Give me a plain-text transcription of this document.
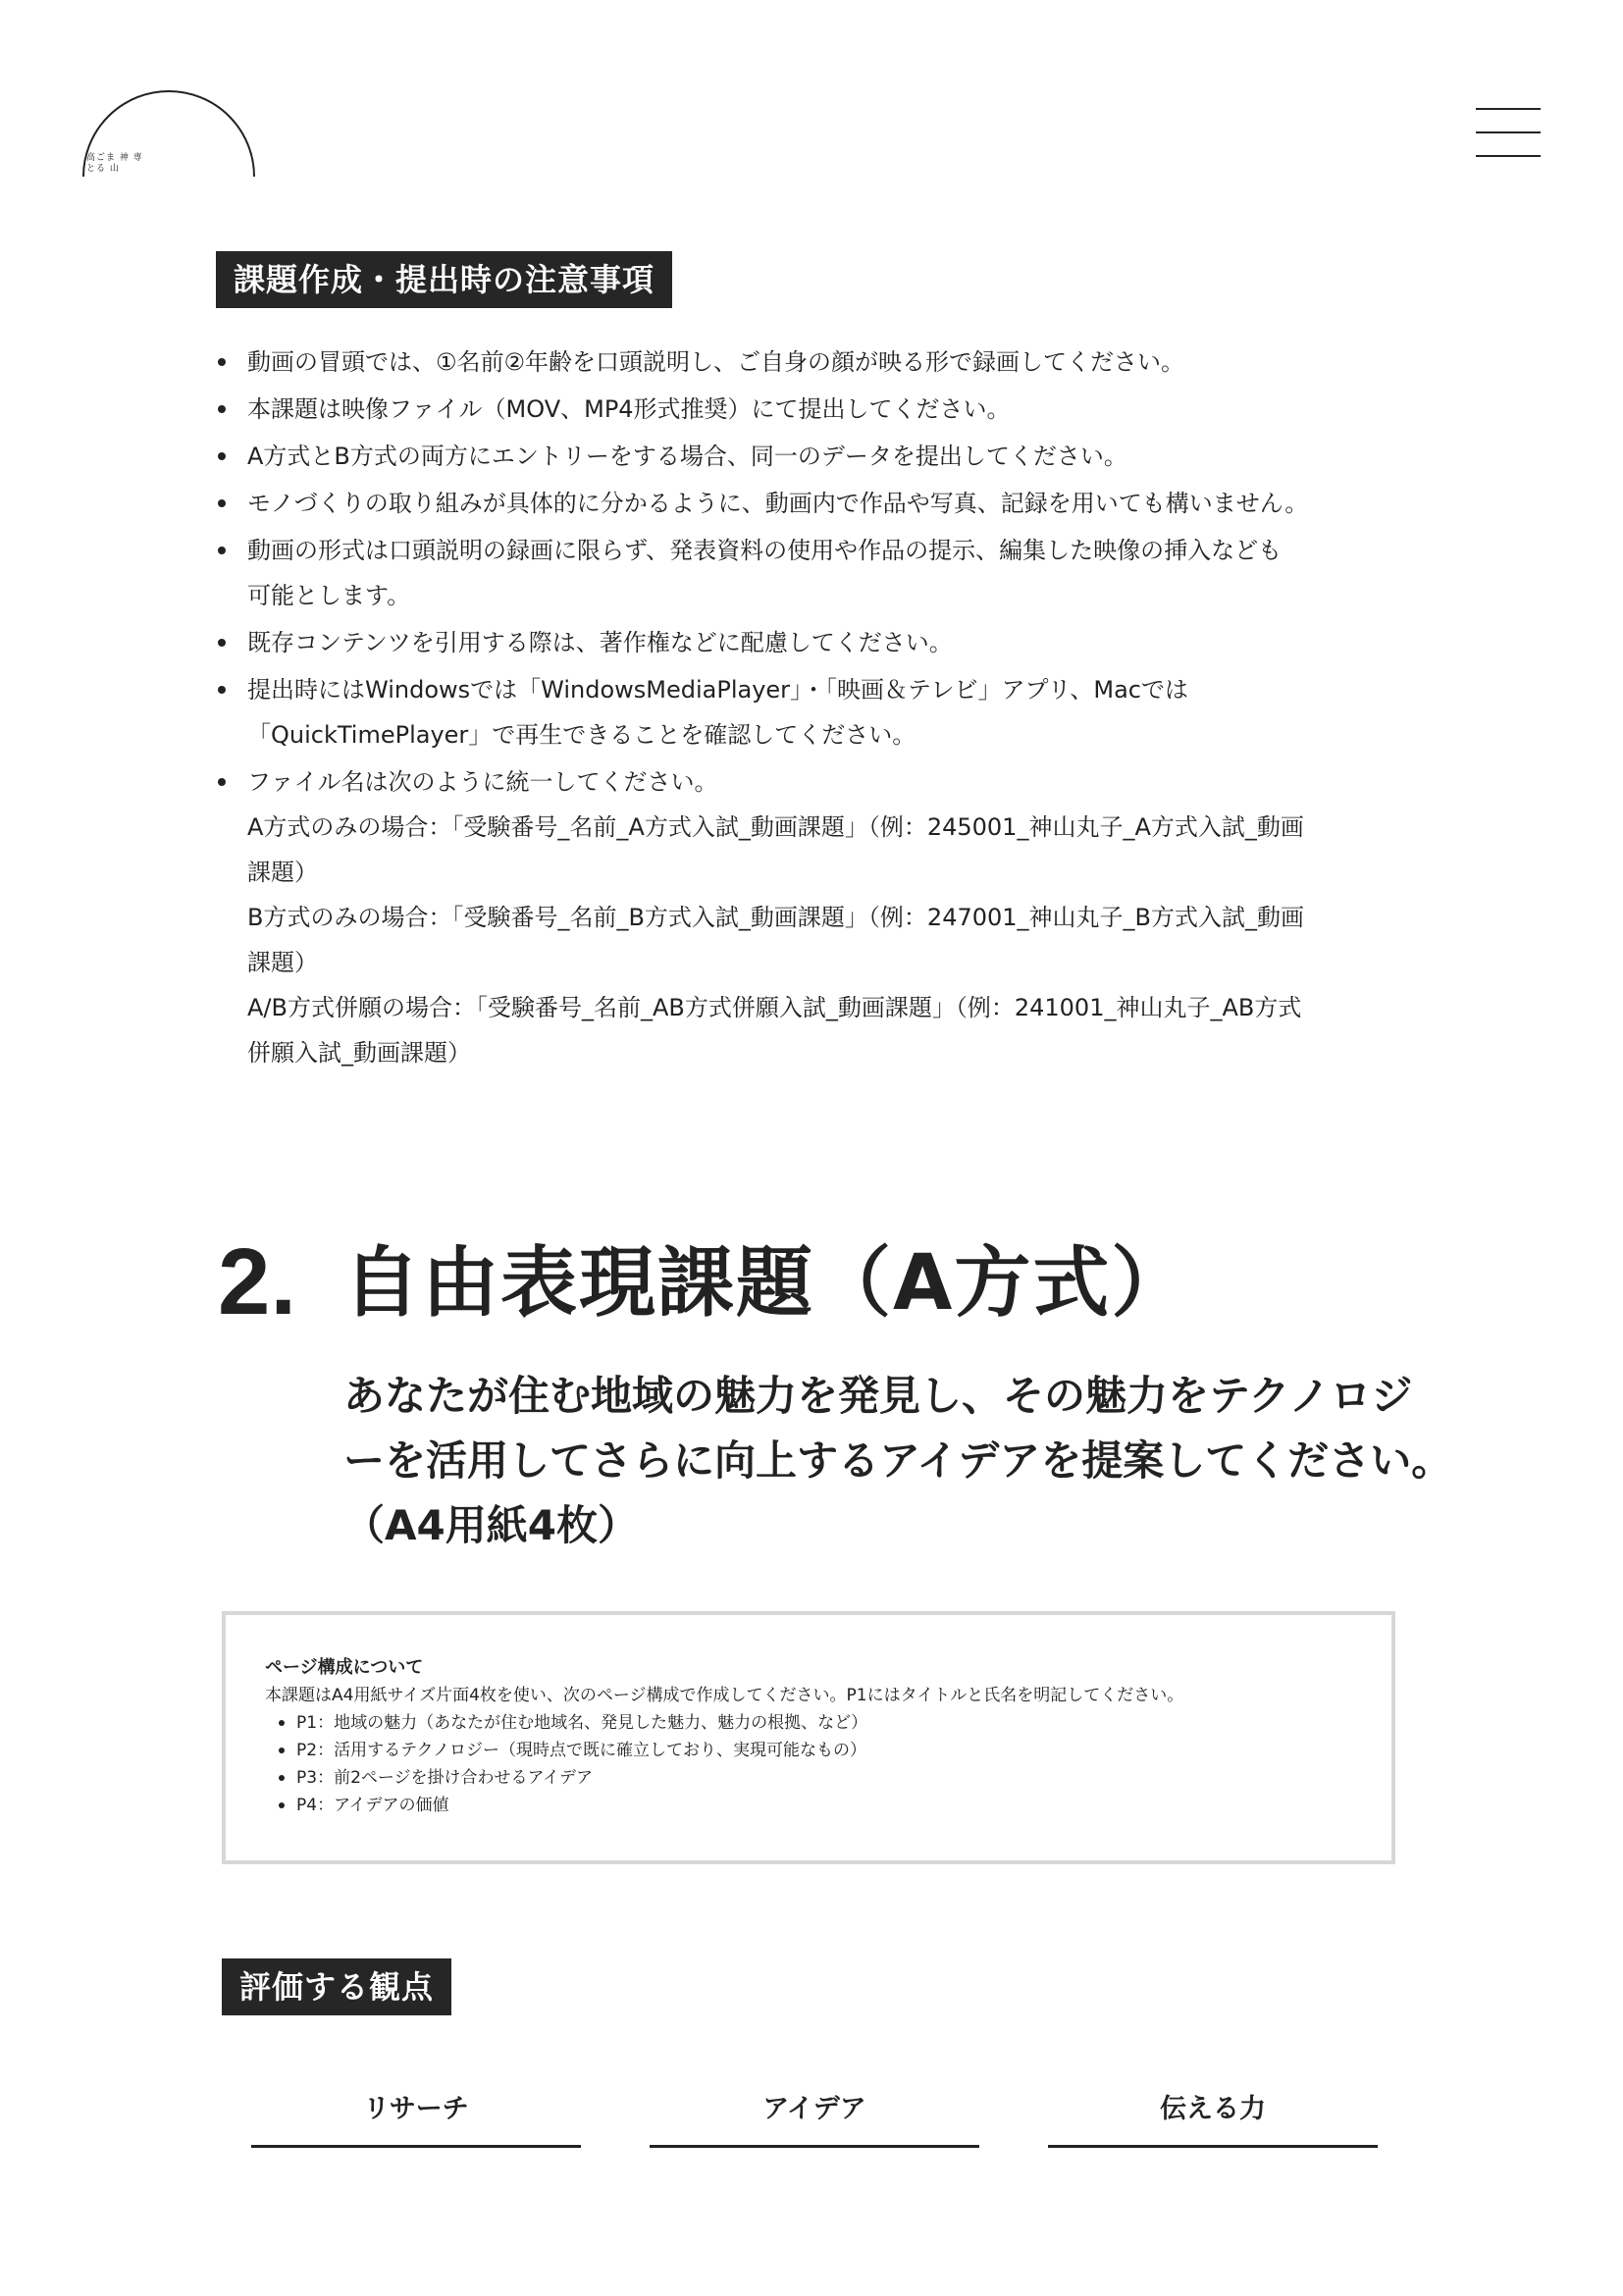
高ごま 神 専とる 山
課題作成・提出時の注意事項
動画の冒頭では、①名前②年齢を口頭説明し、ご自身の顔が映る形で録画してください。
本課題は映像ファイル（MOV、MP4形式推奨）にて提出してください。
A方式とB方式の両方にエントリーをする場合、同一のデータを提出してください。
モノづくりの取り組みが具体的に分かるように、動画内で作品や写真、記録を用いても構いません。
動画の形式は口頭説明の録画に限らず、発表資料の使用や作品の提示、編集した映像の挿入なども
可能とします。
既存コンテンツを引用する際は、著作権などに配慮してください。
提出時にはWindowsでは「WindowsMediaPlayer」・「映画＆テレビ」アプリ、Macでは
「QuickTimePlayer」で再生できることを確認してください。
ファイル名は次のように統一してください。
A方式のみの場合：「受験番号_名前_A方式入試_動画課題」（例：245001_神山丸子_A方式入試_動画
課題）
B方式のみの場合：「受験番号_名前_B方式入試_動画課題」（例：247001_神山丸子_B方式入試_動画
課題）
A/B方式併願の場合：「受験番号_名前_AB方式併願入試_動画課題」（例：241001_神山丸子_AB方式
併願入試_動画課題）
2. 自由表現課題（A方式）
あなたが住む地域の魅力を発見し、その魅力をテクノロジ
ーを活用してさらに向上するアイデアを提案してください。
（A4用紙4枚）
ページ構成について
本課題はA4用紙サイズ片面4枚を使い、次のページ構成で作成してください。P1にはタイトルと氏名を明記してください。
P1：地域の魅力（あなたが住む地域名、発見した魅力、魅力の根拠、など）
P2：活用するテクノロジー（現時点で既に確立しており、実現可能なもの）
P3：前2ページを掛け合わせるアイデア
P4：アイデアの価値
評価する観点
リサーチ	アイデア	伝える力
